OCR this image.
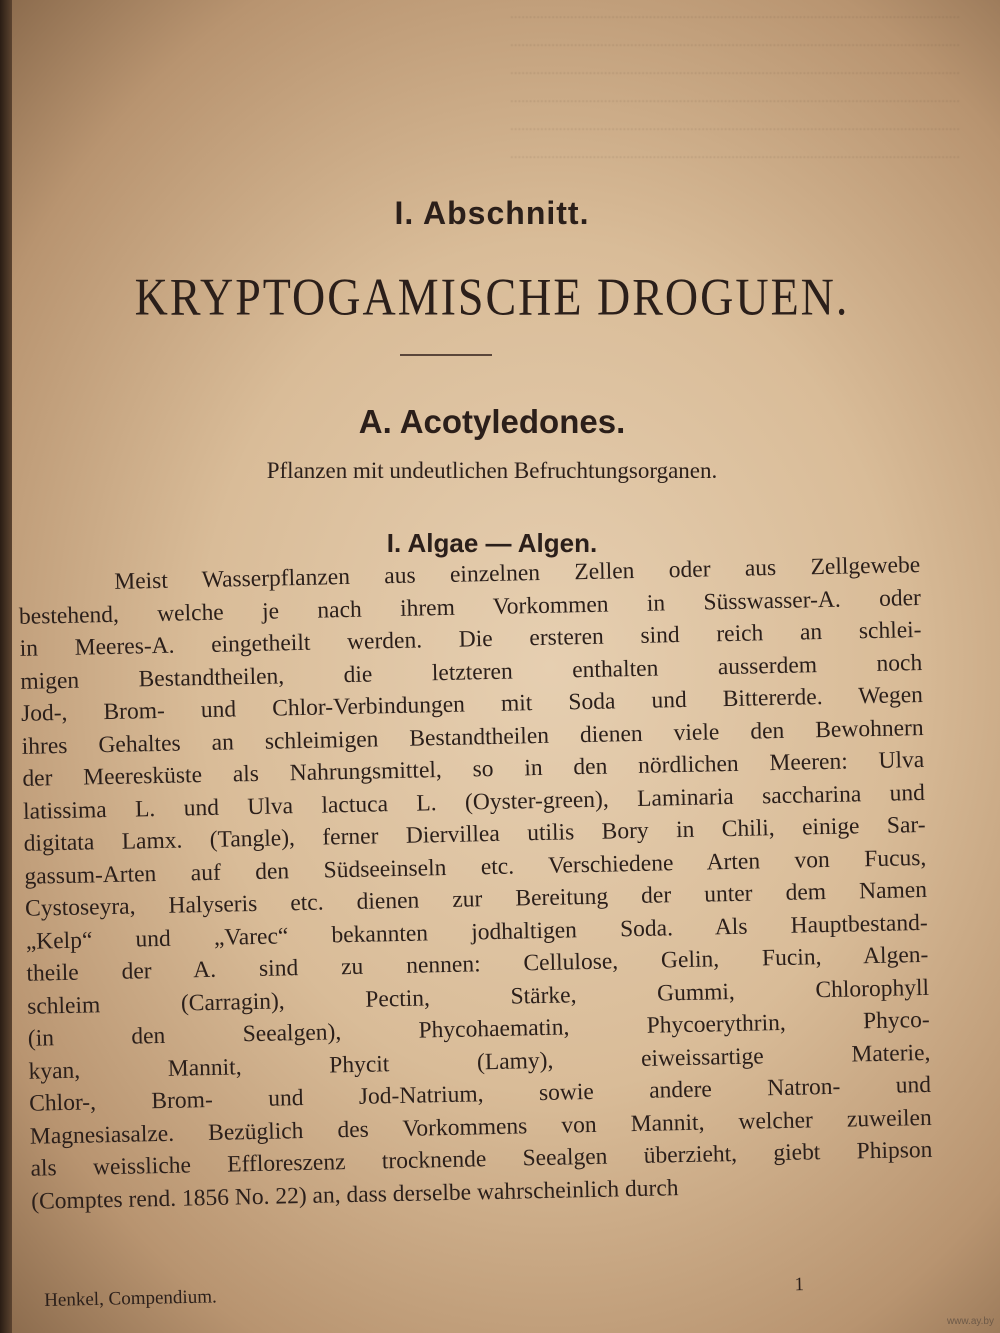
........................................................................................................................
........................................................................................................................
........................................................................................................................
........................................................................................................................
........................................................................................................................
........................................................................................................................
I. Abschnitt.
KRYPTOGAMISCHE DROGUEN.
A. Acotyledones.
Pflanzen mit undeutlichen Befruchtungsorganen.
I. Algae — Algen.
Meist Wasserpflanzen aus einzelnen Zellen oder aus Zellgewebe
bestehend, welche je nach ihrem Vorkommen in Süsswasser-A. oder
in Meeres-A. eingetheilt werden. Die ersteren sind reich an schlei-
migen Bestandtheilen, die letzteren enthalten ausserdem noch
Jod-, Brom- und Chlor-Verbindungen mit Soda und Bittererde. Wegen
ihres Gehaltes an schleimigen Bestandtheilen dienen viele den Bewohnern
der Meeresküste als Nahrungsmittel, so in den nördlichen Meeren: Ulva
latissima L. und Ulva lactuca L. (Oyster-green), Laminaria saccharina und
digitata Lamx. (Tangle), ferner Diervillea utilis Bory in Chili, einige Sar-
gassum-Arten auf den Südseeinseln etc. Verschiedene Arten von Fucus,
Cystoseyra, Halyseris etc. dienen zur Bereitung der unter dem Namen
„Kelp“ und „Varec“ bekannten jodhaltigen Soda. Als Hauptbestand-
theile der A. sind zu nennen: Cellulose, Gelin, Fucin, Algen-
schleim (Carragin), Pectin, Stärke, Gummi, Chlorophyll
(in den Seealgen), Phycohaematin, Phycoerythrin, Phyco-
kyan, Mannit, Phycit (Lamy), eiweissartige Materie,
Chlor-, Brom- und Jod-Natrium, sowie andere Natron- und
Magnesiasalze. Bezüglich des Vorkommens von Mannit, welcher zuweilen
als weissliche Effloreszenz trocknende Seealgen überzieht, giebt Phipson
(Comptes rend. 1856 No. 22) an, dass derselbe wahrscheinlich durch
Henkel, Compendium.
1
www.ay.by
